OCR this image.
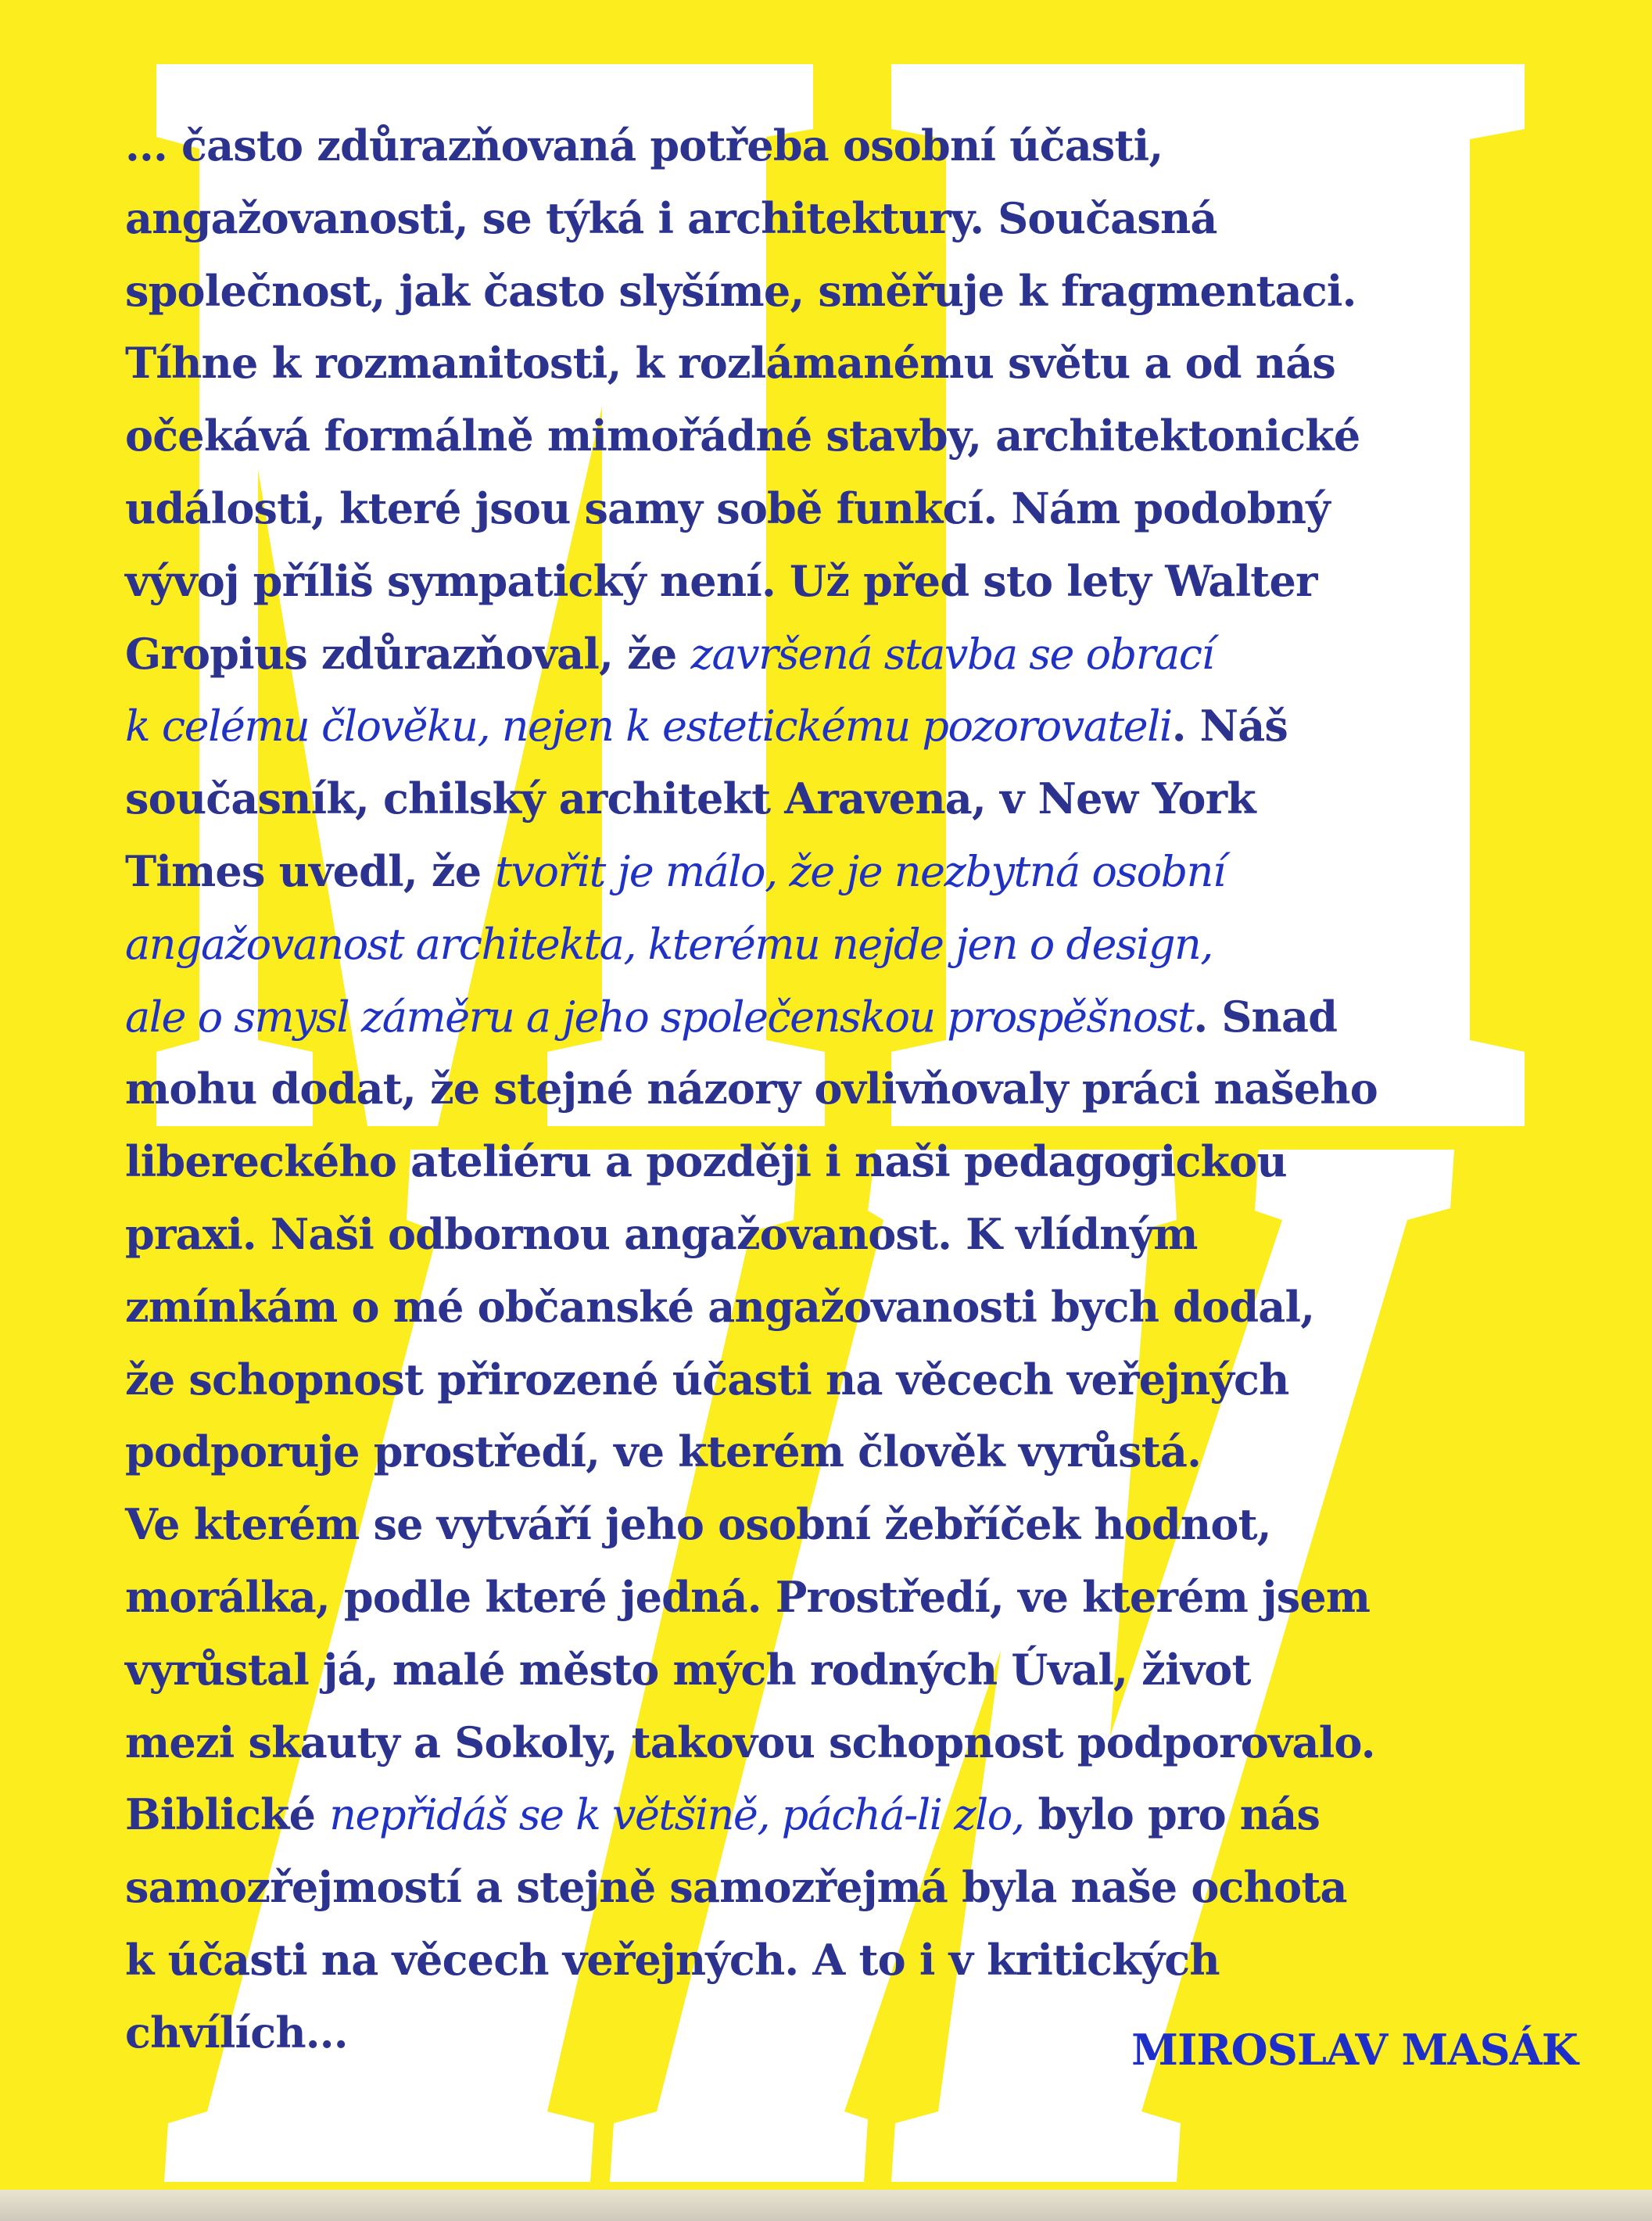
... často zdůrazňovaná potřeba osobní účasti,
angažovanosti, se týká i architektury. Současná
společnost, jak často slyšíme, směřuje k fragmentaci.
Tíhne k rozmanitosti, k rozlámanému světu a od nás
očekává formálně mimořádné stavby, architektonické
události, které jsou samy sobě funkcí. Nám podobný
vývoj příliš sympatický není. Už před sto lety Walter
Gropius zdůrazňoval, že završená stavba se obrací
k celému člověku, nejen k estetickému pozorovateli. Náš
současník, chilský architekt Aravena, v New York
Times uvedl, že tvořit je málo, že je nezbytná osobní
angažovanost architekta, kterému nejde jen o design,
ale o smysl záměru a jeho společenskou prospěšnost. Snad
mohu dodat, že stejné názory ovlivňovaly práci našeho
libereckého ateliéru a později i naši pedagogickou
praxi. Naši odbornou angažovanost. K vlídným
zmínkám o mé občanské angažovanosti bych dodal,
že schopnost přirozené účasti na věcech veřejných
podporuje prostředí, ve kterém člověk vyrůstá.
Ve kterém se vytváří jeho osobní žebříček hodnot,
morálka, podle které jedná. Prostředí, ve kterém jsem
vyrůstal já, malé město mých rodných Úval, život
mezi skauty a Sokoly, takovou schopnost podporovalo.
Biblické nepřidáš se k většině, páchá-li zlo, bylo pro nás
samozřejmostí a stejně samozřejmá byla naše ochota
k účasti na věcech veřejných. A to i v kritických
chvílích...	MIROSLAV MASÁK
